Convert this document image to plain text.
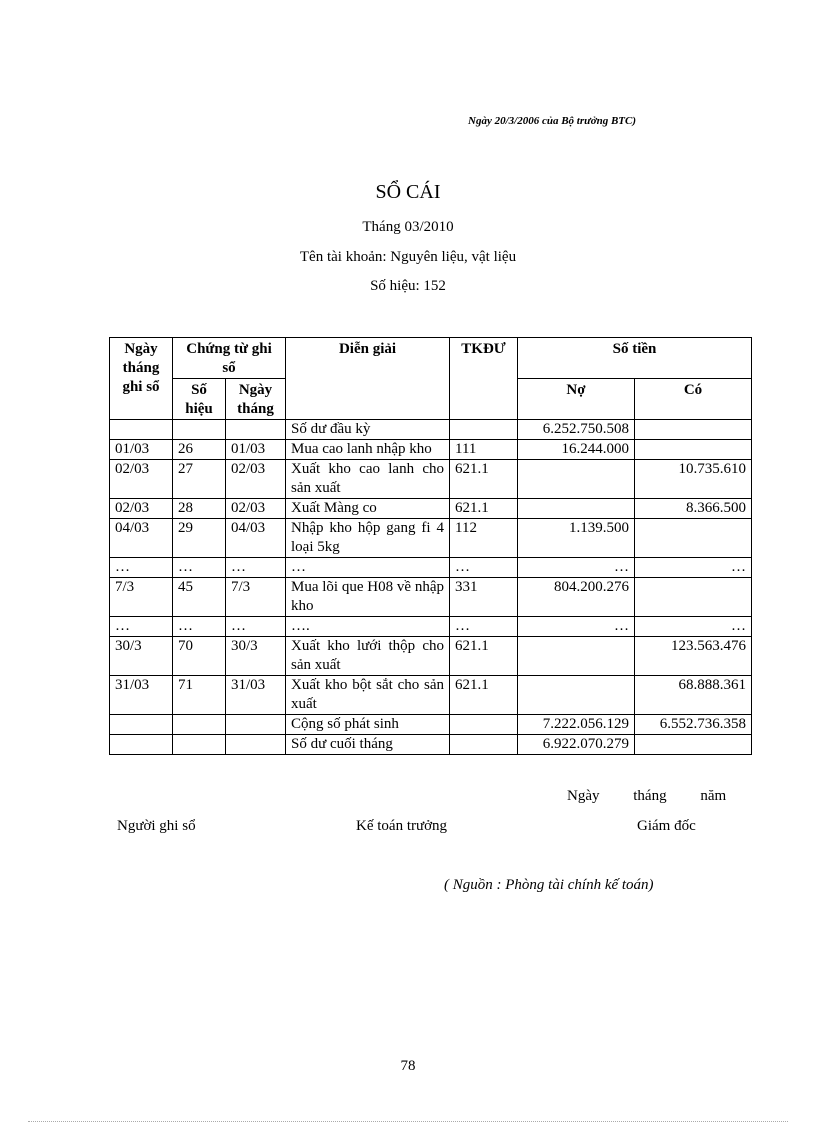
Ngày 20/3/2006 của Bộ trưởng BTC)
SỔ CÁI
Tháng 03/2010
Tên tài khoản: Nguyên liệu, vật liệu
Số hiệu: 152
Ngày tháng ghi sổ	Chứng từ ghi sổ		Diễn giải	TKĐƯ	Số tiền	
	Số hiệu	Ngày tháng			Nợ	Có
			Số dư đầu kỳ		6.252.750.508	
01/03	26	01/03	Mua cao lanh nhập kho	111	16.244.000	
02/03	27	02/03	Xuất kho cao lanh cho sản xuất	621.1		10.735.610
02/03	28	02/03	Xuất Màng co	621.1		8.366.500
04/03	29	04/03	Nhập kho hộp gang fi 4 loại 5kg	112	1.139.500	
…	…	…	…	…	…	…
7/3	45	7/3	Mua lõi que H08 về nhập kho	331	804.200.276	
…	…	…	….	…	…	…
30/3	70	30/3	Xuất kho lưới thộp cho sản xuất	621.1		123.563.476
31/03	71	31/03	Xuất kho bột sắt cho sản xuất	621.1		68.888.361
			Cộng số phát sinh		7.222.056.129	6.552.736.358
			Số dư cuối tháng		6.922.070.279	
Ngày tháng năm
Người ghi sổ	Kế toán trưởng	Giám đốc
( Nguồn : Phòng tài chính kế toán)
78
